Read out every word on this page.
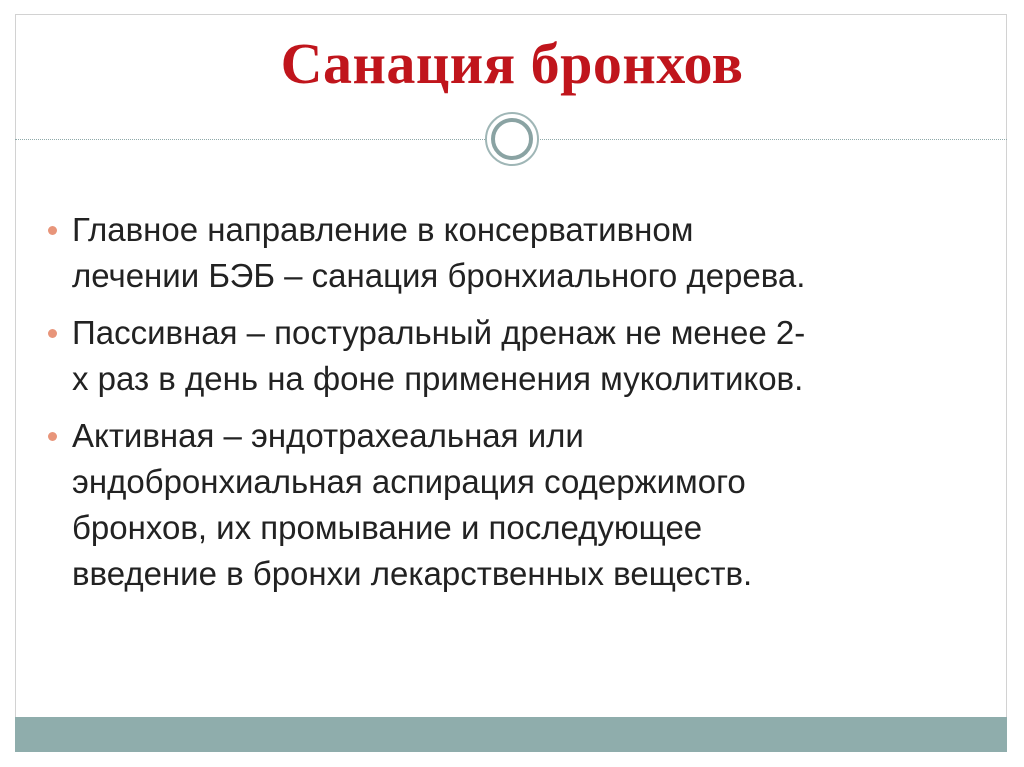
Санация бронхов
Главное направление в консервативном
лечении БЭБ – санация бронхиального дерева.
Пассивная – постуральный дренаж не менее 2-
х раз в день на фоне применения муколитиков.
Активная – эндотрахеальная или
эндобронхиальная аспирация содержимого
бронхов, их промывание и последующее
введение в бронхи лекарственных веществ.
